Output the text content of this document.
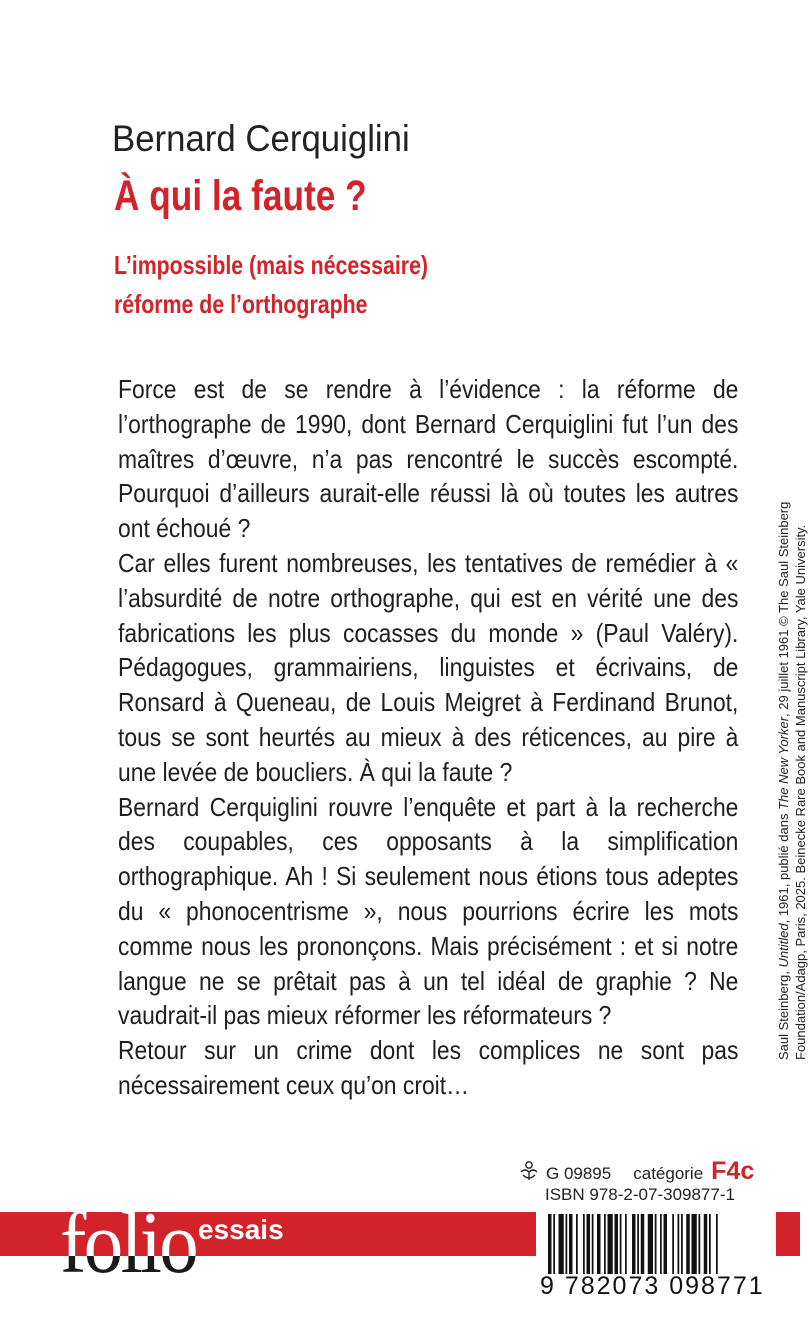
Bernard Cerquiglini
À qui la faute ?
L’impossible (mais nécessaire)
réforme de l’orthographe
Force est de se rendre à l’évidence : la réforme de l’orthographe de 1990, dont Bernard Cerquiglini fut l’un des maîtres d’œuvre, n’a pas rencontré le succès escompté. Pourquoi d’ailleurs aurait-elle réussi là où toutes les autres ont échoué ?
Car elles furent nombreuses, les tentatives de remédier à « l’absurdité de notre orthographe, qui est en vérité une des fabrications les plus cocasses du monde » (Paul Valéry). Pédagogues, grammairiens, linguistes et écrivains, de Ronsard à Queneau, de Louis Meigret à Ferdinand Brunot, tous se sont heurtés au mieux à des réticences, au pire à une levée de boucliers. À qui la faute ?
Bernard Cerquiglini rouvre l’enquête et part à la recherche des coupables, ces opposants à la simplification orthographique. Ah ! Si seulement nous étions tous adeptes du « phonocentrisme », nous pourrions écrire les mots comme nous les prononçons. Mais précisément : et si notre langue ne se prêtait pas à un tel idéal de graphie ? Ne vaudrait-il pas mieux réformer les réformateurs ?
Retour sur un crime dont les complices ne sont pas nécessairement ceux qu’on croit…
Saul Steinberg, Untitled, 1961, publié dans The New Yorker, 29 juillet 1961 © The Saul Steinberg Foundation/Adagp, Paris, 2025. Beinecke Rare Book and Manuscript Library, Yale University.
G 09895 catégorie F4c
ISBN 978-2-07-309877-1
folio essais
9 782073 098771
